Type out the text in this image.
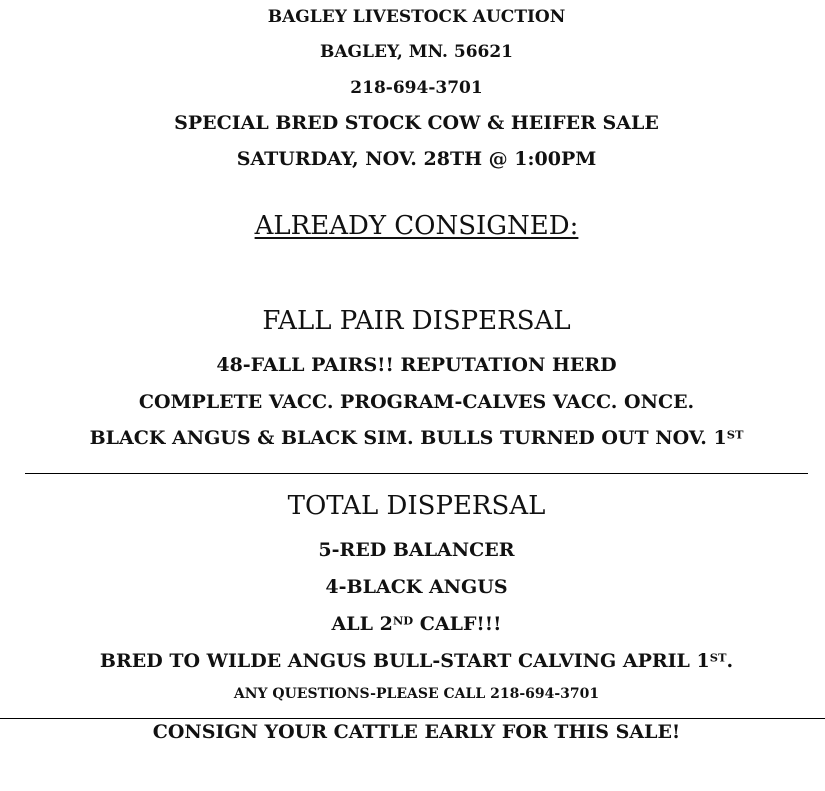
BAGLEY LIVESTOCK AUCTION
BAGLEY, MN. 56621
218-694-3701
SPECIAL BRED STOCK COW & HEIFER SALE
SATURDAY, NOV. 28TH @ 1:00PM
ALREADY CONSIGNED:
FALL PAIR DISPERSAL
48-FALL PAIRS!! REPUTATION HERD
COMPLETE VACC. PROGRAM-CALVES VACC. ONCE.
BLACK ANGUS & BLACK SIM. BULLS TURNED OUT NOV. 1ST
TOTAL DISPERSAL
5-RED BALANCER
4-BLACK ANGUS
ALL 2ND CALF!!!
BRED TO WILDE ANGUS BULL-START CALVING APRIL 1ST.
ANY QUESTIONS-PLEASE CALL 218-694-3701
CONSIGN YOUR CATTLE EARLY FOR THIS SALE!
